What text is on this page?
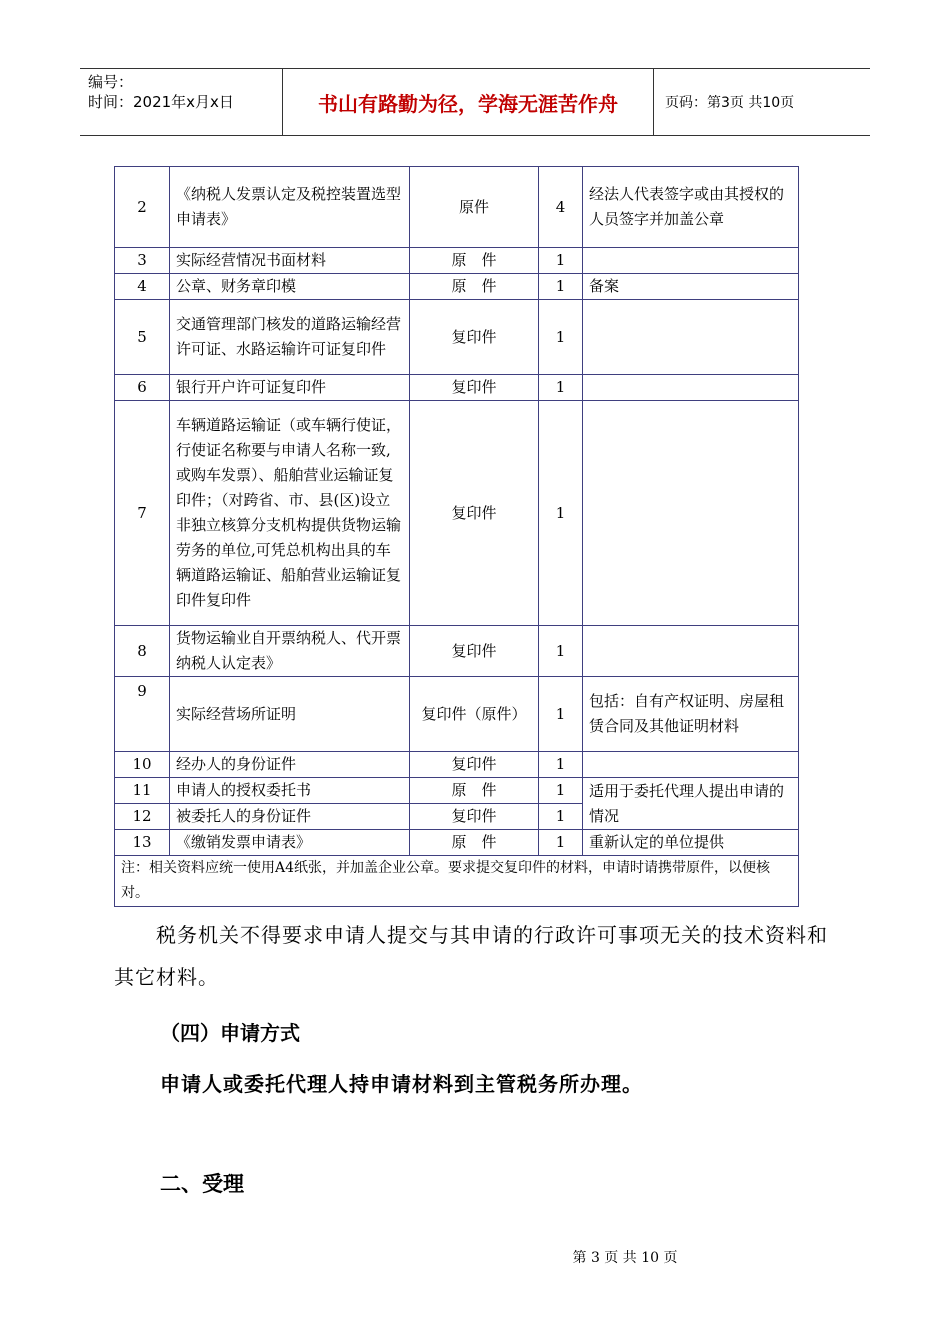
编号：
时间：2021年x月x日	书山有路勤为径，学海无涯苦作舟	页码：第3页 共10页
2	《纳税人发票认定及税控装置选型申请表》	原件	4	经法人代表签字或由其授权的人员签字并加盖公章
3	实际经营情况书面材料	原　件	1	
4	公章、财务章印模	原　件	1	备案
5	交通管理部门核发的道路运输经营许可证、水路运输许可证复印件	复印件	1	
6	银行开户许可证复印件	复印件	1	
7	车辆道路运输证（或车辆行使证，行使证名称要与申请人名称一致,或购车发票）、船舶营业运输证复印件；（对跨省、市、县(区)设立非独立核算分支机构提供货物运输劳务的单位,可凭总机构出具的车辆道路运输证、船舶营业运输证复印件复印件	复印件	1	
8	货物运输业自开票纳税人、代开票纳税人认定表》	复印件	1	
9	实际经营场所证明	复印件（原件）	1	包括：自有产权证明、房屋租赁合同及其他证明材料
10	经办人的身份证件	复印件	1	
11	申请人的授权委托书	原　件	1	适用于委托代理人提出申请的情况
12	被委托人的身份证件	复印件	1	
13	《缴销发票申请表》	原　件	1	重新认定的单位提供
注：相关资料应统一使用A4纸张，并加盖企业公章。要求提交复印件的材料，申请时请携带原件，以便核对。				
税务机关不得要求申请人提交与其申请的行政许可事项无关的技术资料和其它材料。
（四）申请方式
申请人或委托代理人持申请材料到主管税务所办理。
二、受理
第 3 页 共 10 页
